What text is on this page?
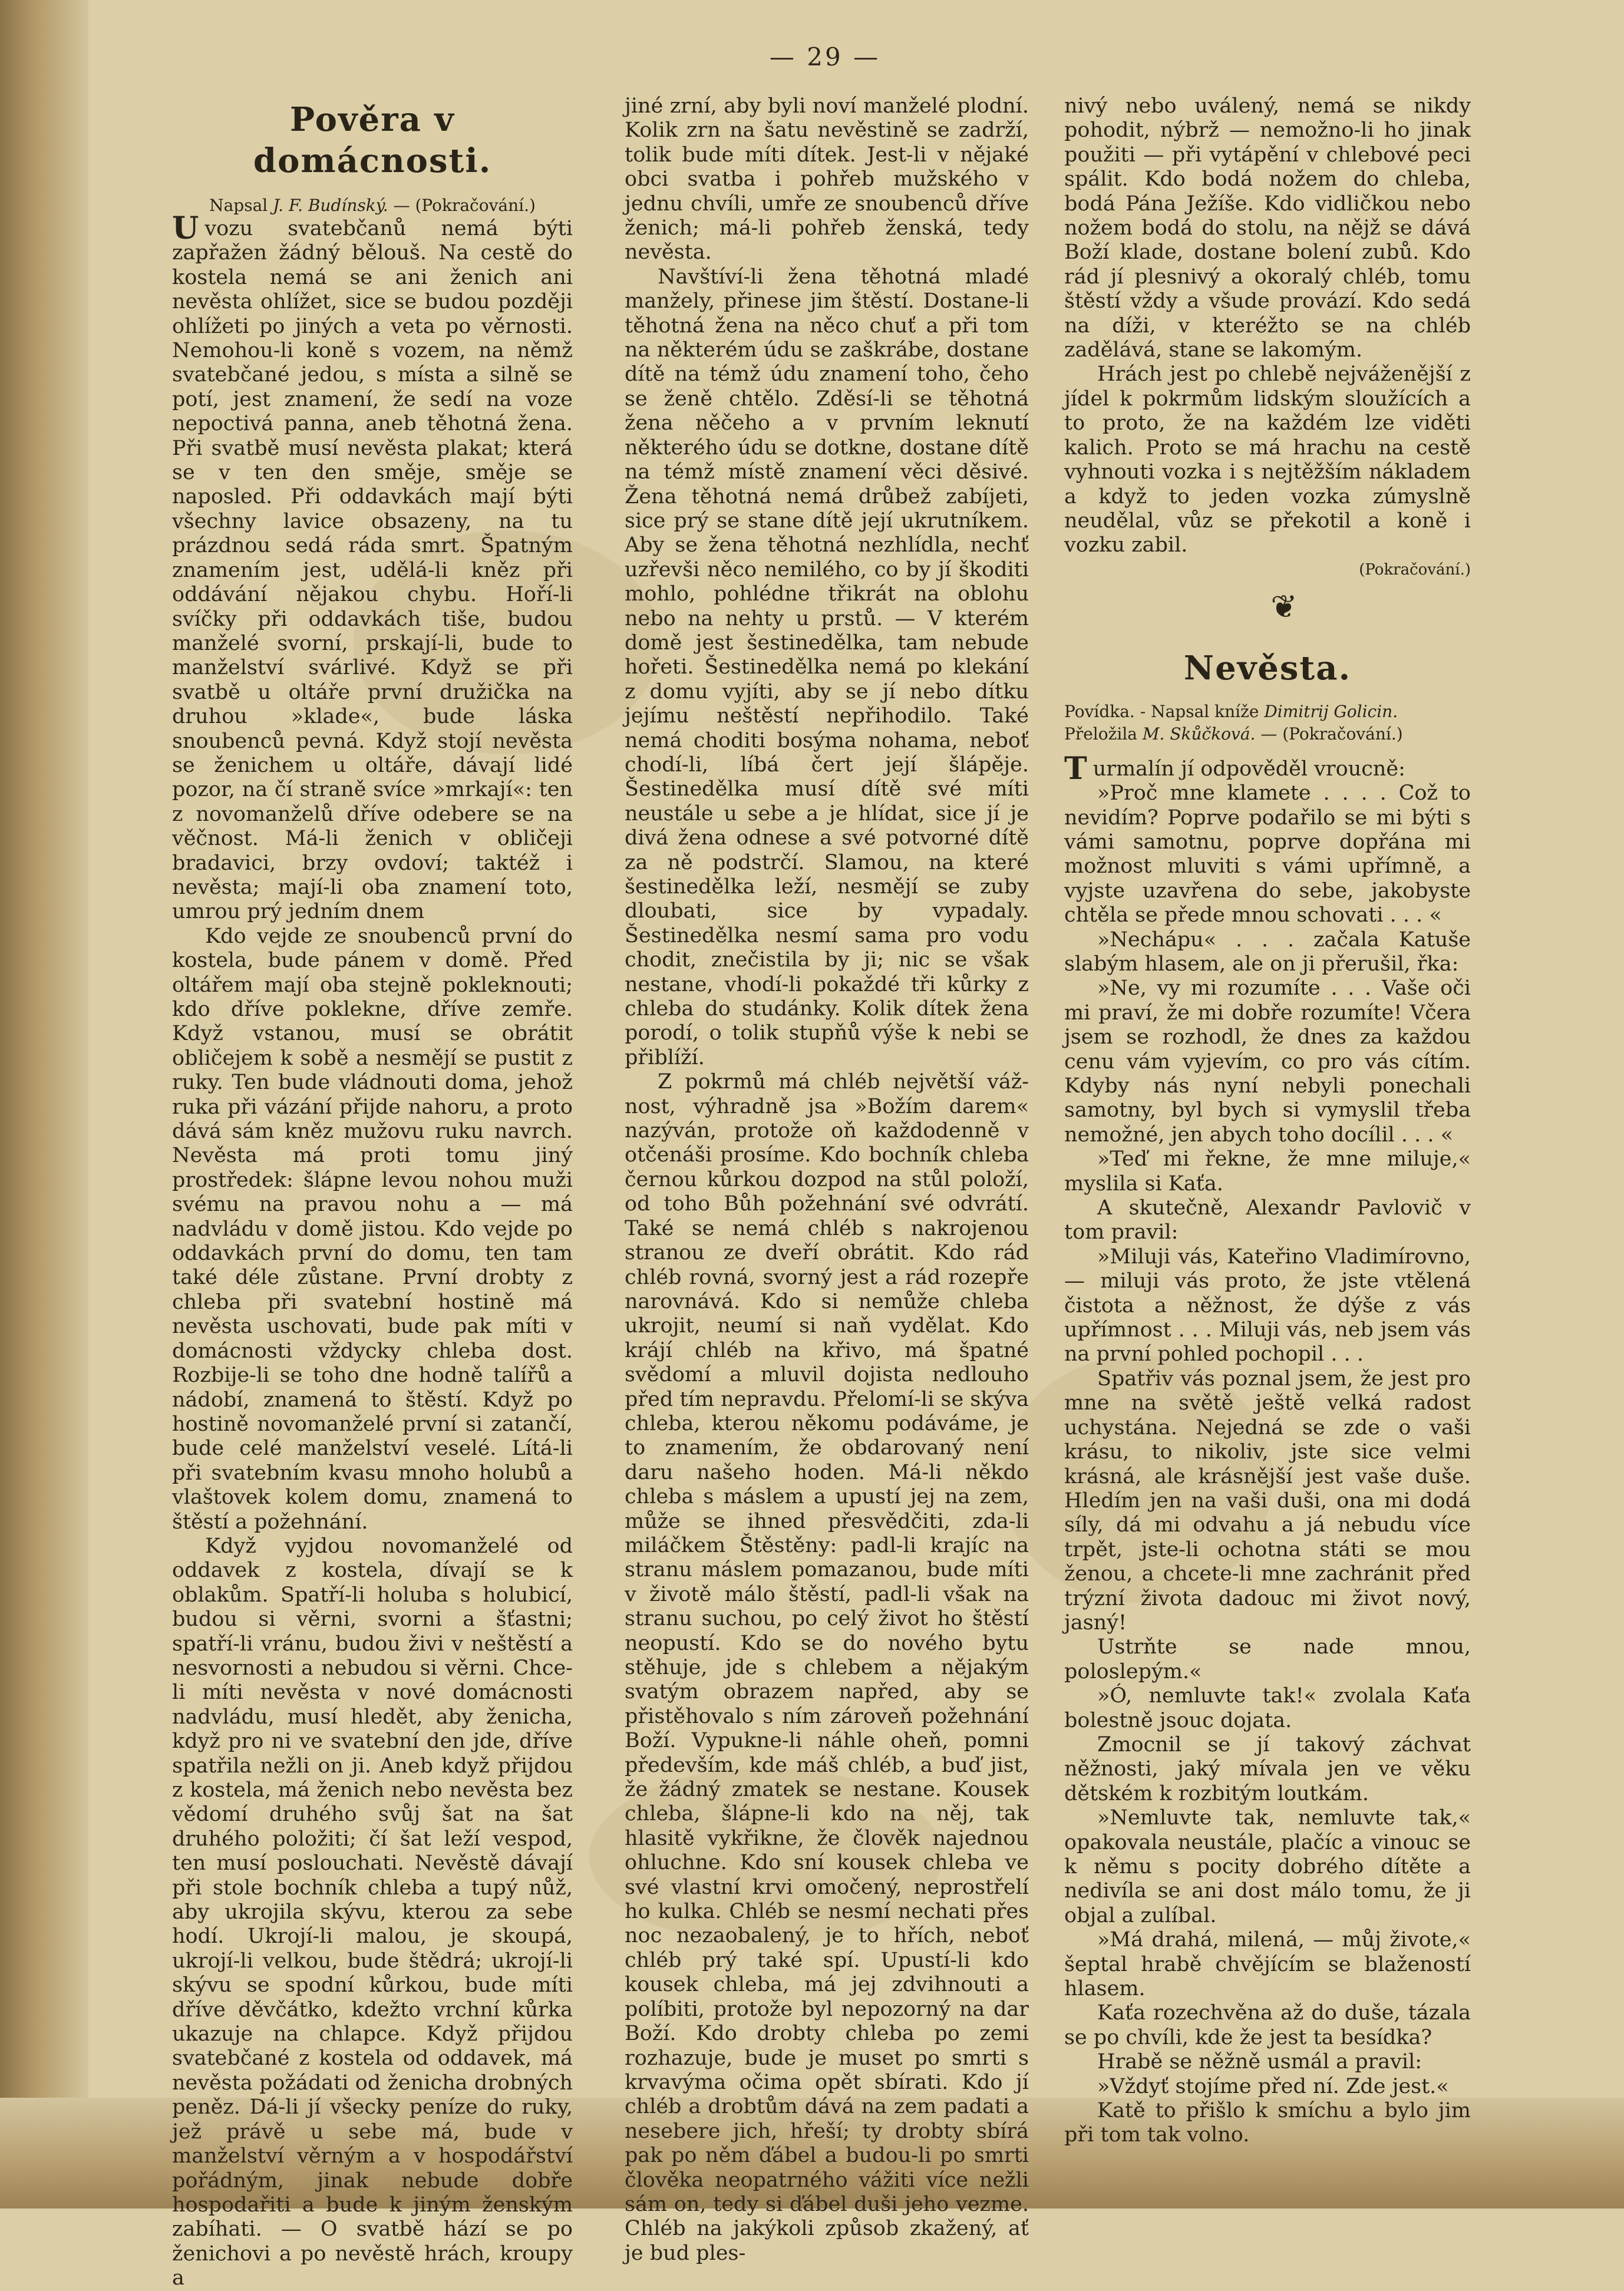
— 29 —
Pověra v domácnosti.

Napsal J. F. Budínský. — (Pokračování.)

U vozu svatebčanů nemá býti zapřažen žádný bělouš. Na cestě do kostela nemá se ani ženich ani nevěsta ohlížet, sice se budou později ohlížeti po jiných a veta po věrnosti. Nemohou-li koně s vozem, na němž svatebčané jedou, s místa a silně se potí, jest znamení, že sedí na voze nepoctivá panna, aneb těhotná žena. Při svatbě musí nevěsta plakat; která se v ten den směje, směje se naposled. Při oddavkách mají býti všechny lavice obsazeny, na tu prázdnou sedá ráda smrt. Špatným znamením jest, udělá-li kněz při oddávání nějakou chybu. Hoří-li svíčky při oddavkách tiše, budou manželé svorní, prskají-li, bude to manželství svárlivé. Když se při svatbě u oltáře první družička na druhou »klade«, bude láska snoubenců pevná. Když stojí nevěsta se ženichem u oltáře, dávají lidé pozor, na čí straně svíce »mrkají«: ten z novomanželů dříve odebere se na věčnost. Má-li ženich v obličeji bradavici, brzy ovdoví; taktéž i nevěsta; mají-li oba znamení toto, umrou prý jedním dnem

Kdo vejde ze snoubenců první do kostela, bude pánem v domě. Před oltářem mají oba stejně pokleknouti; kdo dříve poklekne, dříve zemře. Když vstanou, musí se obrátit obličejem k sobě a nesmějí se pustit z ruky. Ten bude vládnouti doma, jehož ruka při vázání přijde nahoru, a proto dává sám kněz mužovu ruku navrch. Nevěsta má proti tomu jiný prostředek: šlápne levou nohou muži svému na pravou nohu a — má nadvládu v domě jistou. Kdo vejde po oddavkách první do domu, ten tam také déle zůstane. První drobty z chleba při svatební hostině má nevěsta uschovati, bude pak míti v domácnosti vždycky chleba dost. Rozbije-li se toho dne hodně talířů a nádobí, znamená to štěstí. Když po hostině novomanželé první si zatančí, bude celé manželství veselé. Lítá-li při svatebním kvasu mnoho holubů a vlaštovek kolem domu, znamená to štěstí a požehnání.

Když vyjdou novomanželé od oddavek z kostela, dívají se k oblakům. Spatří-li holuba s holubicí, budou si věrni, svorni a šťastni; spatří-li vránu, budou živi v neštěstí a nesvornosti a nebudou si věrni. Chce-li míti nevěsta v nové domácnosti nadvládu, musí hledět, aby ženicha, když pro ni ve svatební den jde, dříve spatřila nežli on ji. Aneb když přijdou z kostela, má ženich nebo nevěsta bez vědomí druhého svůj šat na šat druhého položiti; čí šat leží vespod, ten musí poslouchati. Nevěstě dávají při stole bochník chleba a tupý nůž, aby ukrojila skývu, kterou za sebe hodí. Ukrojí-li malou, je skoupá, ukrojí-li velkou, bude štědrá; ukrojí-li skývu se spodní kůrkou, bude míti dříve děvčátko, kdežto vrchní kůrka ukazuje na chlapce. Když přijdou svatebčané z kostela od oddavek, má nevěsta požádati od ženicha drobných peněz. Dá-li jí všecky peníze do ruky, jež právě u sebe má, bude v manželství věrným a v hospodářství pořádným, jinak nebude dobře hospodařiti a bude k jiným ženským zabíhati. — O svatbě hází se po ženichovi a po nevěstě hrách, kroupy a

jiné zrní, aby byli noví manželé plodní. Kolik zrn na šatu nevěstině se zadrží, tolik bude míti dítek. Jest-li v nějaké obci svatba i pohřeb mužského v jednu chvíli, umře ze snoubenců dříve ženich; má-li pohřeb ženská, tedy nevěsta.

Navštíví-li žena těhotná mladé manžely, přinese jim štěstí. Dostane-li těhotná žena na něco chuť a při tom na některém údu se zaškrábe, dostane dítě na témž údu znamení toho, čeho se ženě chtělo. Zděsí-li se těhotná žena něčeho a v prvním leknutí některého údu se dotkne, dostane dítě na témž místě znamení věci děsivé. Žena těhotná nemá drůbež zabíjeti, sice prý se stane dítě její ukrutníkem. Aby se žena těhotná nezhlídla, nechť uzřevši něco nemilého, co by jí škoditi mohlo, pohlédne třikrát na oblohu nebo na nehty u prstů. — V kterém domě jest šestinedělka, tam nebude hořeti. Šestinedělka nemá po klekání z domu vyjíti, aby se jí nebo dítku jejímu neštěstí nepřihodilo. Také nemá choditi bosýma nohama, neboť chodí-li, líbá čert její šlápěje. Šestinedělka musí dítě své míti neustále u sebe a je hlídat, sice jí je divá žena odnese a své potvorné dítě za ně podstrčí. Slamou, na které šestinedělka leží, nesmějí se zuby dloubati, sice by vypadaly. Šestinedělka nesmí sama pro vodu chodit, znečistila by ji; nic se však nestane, vhodí-li pokaždé tři kůrky z chleba do studánky. Kolik dítek žena porodí, o tolik stupňů výše k nebi se přiblíží.

Z pokrmů má chléb největší váž-nost, výhradně jsa »Božím darem« nazýván, protože oň každodenně v otčenáši prosíme. Kdo bochník chleba černou kůrkou dozpod na stůl položí, od toho Bůh požehnání své odvrátí. Také se nemá chléb s nakrojenou stranou ze dveří obrátit. Kdo rád chléb rovná, svorný jest a rád rozepře narovnává. Kdo si nemůže chleba ukrojit, neumí si naň vydělat. Kdo krájí chléb na křivo, má špatné svědomí a mluvil dojista nedlouho před tím nepravdu. Přelomí-li se skýva chleba, kterou někomu podáváme, je to znamením, že obdarovaný není daru našeho hoden. Má-li někdo chleba s máslem a upustí jej na zem, může se ihned přesvědčiti, zda-li miláčkem Štěstěny: padl-li krajíc na stranu máslem pomazanou, bude míti v životě málo štěstí, padl-li však na stranu suchou, po celý život ho štěstí neopustí. Kdo se do nového bytu stěhuje, jde s chlebem a nějakým svatým obrazem napřed, aby se přistěhovalo s ním zároveň požehnání Boží. Vypukne-li náhle oheň, pomni především, kde máš chléb, a buď jist, že žádný zmatek se nestane. Kousek chleba, šlápne-li kdo na něj, tak hlasitě vykřikne, že člověk najednou ohluchne. Kdo sní kousek chleba ve své vlastní krvi omočený, neprostřelí ho kulka. Chléb se nesmí nechati přes noc nezaobalený, je to hřích, neboť chléb prý také spí. Upustí-li kdo kousek chleba, má jej zdvihnouti a políbiti, protože byl nepozorný na dar Boží. Kdo drobty chleba po zemi rozhazuje, bude je muset po smrti s krvavýma očima opět sbírati. Kdo jí chléb a drobtům dává na zem padati a nesebere jich, hřeší; ty drobty sbírá pak po něm ďábel a budou-li po smrti člověka neopatrného vážiti více nežli sám on, tedy si ďábel duši jeho vezme. Chléb na jakýkoli způsob zkažený, ať je bud ples-

nivý nebo uválený, nemá se nikdy pohodit, nýbrž — nemožno-li ho jinak použiti — při vytápění v chlebové peci spálit. Kdo bodá nožem do chleba, bodá Pána Ježíše. Kdo vidličkou nebo nožem bodá do stolu, na nějž se dává Boží klade, dostane bolení zubů. Kdo rád jí plesnivý a okoralý chléb, tomu štěstí vždy a všude provází. Kdo sedá na díži, v kteréžto se na chléb zadělává, stane se lakomým.

Hrách jest po chlebě nejváženější z jídel k pokrmům lidským sloužících a to proto, že na každém lze viděti kalich. Proto se má hrachu na cestě vyhnouti vozka i s nejtěžším nákladem a když to jeden vozka zúmyslně neudělal, vůz se překotil a koně i vozku zabil.

(Pokračování.)

❦

Nevěsta.

Povídka. - Napsal kníže Dimitrij Golicin.

Přeložila M. Skůčková. — (Pokračování.)

T urmalín jí odpověděl vroucně:

»Proč mne klamete . . . . Což to nevidím? Poprve podařilo se mi býti s vámi samotnu, poprve dopřána mi možnost mluviti s vámi upřímně, a vyjste uzavřena do sebe, jakobyste chtěla se přede mnou schovati . . . «

»Nechápu« . . . začala Katuše slabým hlasem, ale on ji přerušil, řka:

»Ne, vy mi rozumíte . . . Vaše oči mi praví, že mi dobře rozumíte! Včera jsem se rozhodl, že dnes za každou cenu vám vyjevím, co pro vás cítím. Kdyby nás nyní nebyli ponechali samotny, byl bych si vymyslil třeba nemožné, jen abych toho docílil . . . «

»Teď mi řekne, že mne miluje,« myslila si Kaťa.

A skutečně, Alexandr Pavlovič v tom pravil:

»Miluji vás, Kateřino Vladimírovno, — miluji vás proto, že jste vtělená čistota a něžnost, že dýše z vás upřímnost . . . Miluji vás, neb jsem vás na první pohled pochopil . . .

Spatřiv vás poznal jsem, že jest pro mne na světě ještě velká radost uchystána. Nejedná se zde o vaši krásu, to nikoliv, jste sice velmi krásná, ale krásnější jest vaše duše. Hledím jen na vaši duši, ona mi dodá síly, dá mi odvahu a já nebudu více trpět, jste-li ochotna státi se mou ženou, a chcete-li mne zachránit před trýzní života dadouc mi život nový, jasný!

Ustrňte se nade mnou, poloslepým.«

»Ó, nemluvte tak!« zvolala Kaťa bolestně jsouc dojata.

Zmocnil se jí takový záchvat něžnosti, jaký mívala jen ve věku dětském k rozbitým loutkám.

»Nemluvte tak, nemluvte tak,« opakovala neustále, plačíc a vinouc se k němu s pocity dobrého dítěte a nedivíla se ani dost málo tomu, že ji objal a zulíbal.

»Má drahá, milená, — můj živote,« šeptal hrabě chvějícím se blažeností hlasem.

Kaťa rozechvěna až do duše, tázala se po chvíli, kde že jest ta besídka?

Hrabě se něžně usmál a pravil:

»Vždyť stojíme před ní. Zde jest.«

Katě to přišlo k smíchu a bylo jim při tom tak volno.
